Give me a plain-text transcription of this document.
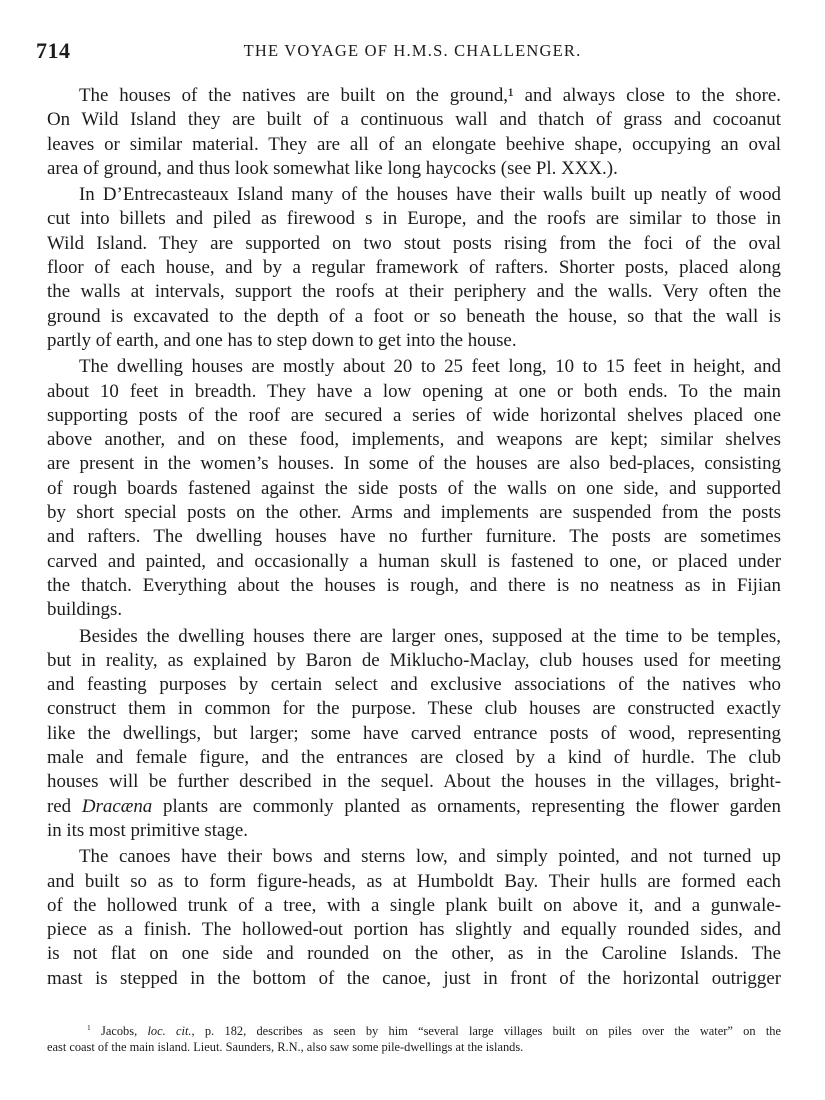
714	THE VOYAGE OF H.M.S. CHALLENGER.
The houses of the natives are built on the ground,¹ and always close to the shore.
On Wild Island they are built of a continuous wall and thatch of grass and cocoanut
leaves or similar material. They are all of an elongate beehive shape, occupying an oval
area of ground, and thus look somewhat like long haycocks (see Pl. XXX.).
In D’Entrecasteaux Island many of the houses have their walls built up neatly of wood
cut into billets and piled as firewood s in Europe, and the roofs are similar to those in
Wild Island. They are supported on two stout posts rising from the foci of the oval
floor of each house, and by a regular framework of rafters. Shorter posts, placed along
the walls at intervals, support the roofs at their periphery and the walls. Very often the
ground is excavated to the depth of a foot or so beneath the house, so that the wall is
partly of earth, and one has to step down to get into the house.
The dwelling houses are mostly about 20 to 25 feet long, 10 to 15 feet in height, and
about 10 feet in breadth. They have a low opening at one or both ends. To the main
supporting posts of the roof are secured a series of wide horizontal shelves placed one
above another, and on these food, implements, and weapons are kept; similar shelves
are present in the women’s houses. In some of the houses are also bed-places, consisting
of rough boards fastened against the side posts of the walls on one side, and supported
by short special posts on the other. Arms and implements are suspended from the posts
and rafters. The dwelling houses have no further furniture. The posts are sometimes
carved and painted, and occasionally a human skull is fastened to one, or placed under
the thatch. Everything about the houses is rough, and there is no neatness as in Fijian
buildings.
Besides the dwelling houses there are larger ones, supposed at the time to be temples,
but in reality, as explained by Baron de Miklucho-Maclay, club houses used for meeting
and feasting purposes by certain select and exclusive associations of the natives who
construct them in common for the purpose. These club houses are constructed exactly
like the dwellings, but larger; some have carved entrance posts of wood, representing
male and female figure, and the entrances are closed by a kind of hurdle. The club
houses will be further described in the sequel. About the houses in the villages, bright-
red Dracæna plants are commonly planted as ornaments, representing the flower garden
in its most primitive stage.
The canoes have their bows and sterns low, and simply pointed, and not turned up
and built so as to form figure-heads, as at Humboldt Bay. Their hulls are formed each
of the hollowed trunk of a tree, with a single plank built on above it, and a gunwale-
piece as a finish. The hollowed-out portion has slightly and equally rounded sides, and
is not flat on one side and rounded on the other, as in the Caroline Islands. The
mast is stepped in the bottom of the canoe, just in front of the horizontal outrigger
$^1$ Jacobs, loc. cit., p. 182, describes as seen by him “several large villages built on piles over the water” on the
east coast of the main island. Lieut. Saunders, R.N., also saw some pile-dwellings at the islands.
